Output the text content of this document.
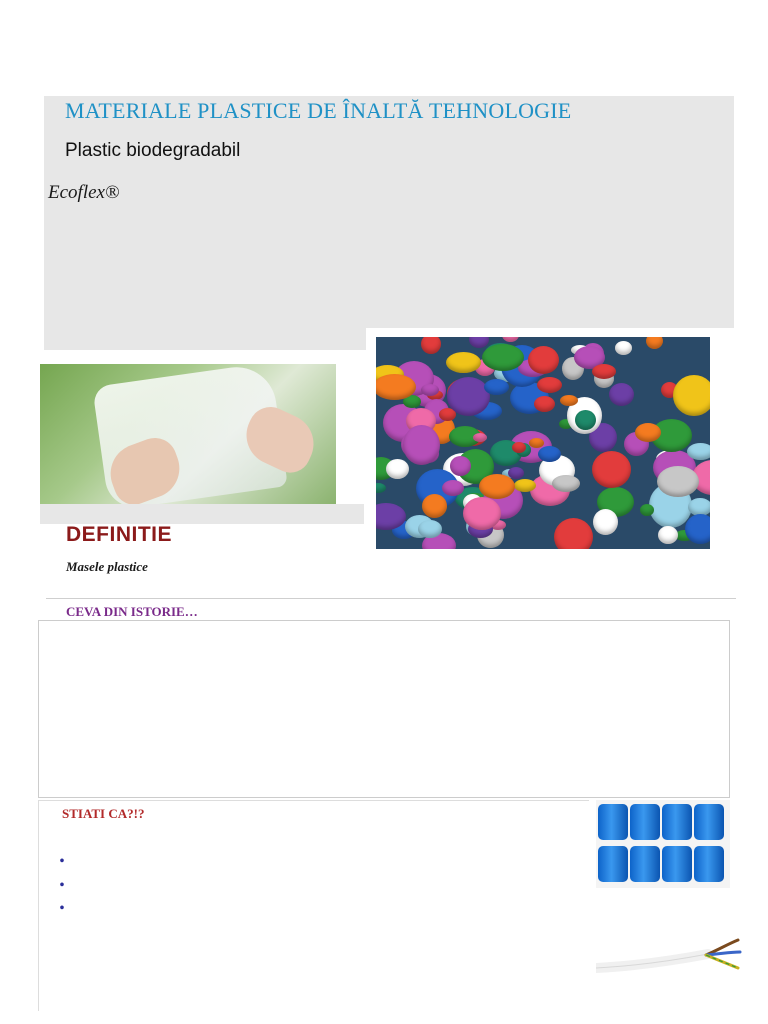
MATERIALE PLASTICE DE ÎNALTĂ TEHNOLOGIE
Plastic biodegradabil
Ecoflex®
DEFINITIE
Masele plastice
CEVA DIN ISTORIE…
STIATI CA?!?
•
•
•
